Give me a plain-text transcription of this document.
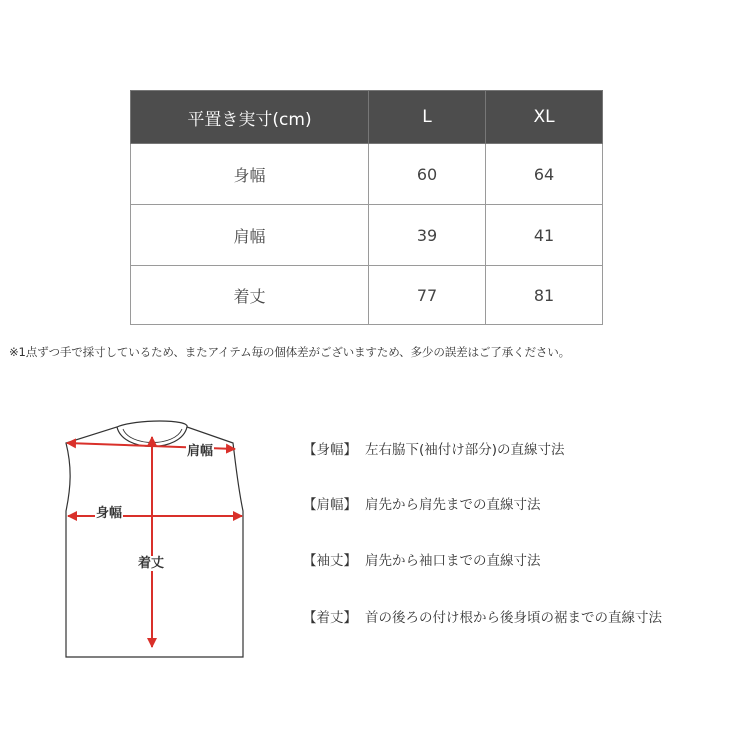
平置き実寸(cm)	L	XL
身幅	60	64
肩幅	39	41
着丈	77	81
※1点ずつ手で採寸しているため、またアイテム毎の個体差がございますため、多少の誤差はご了承ください。
肩幅
身幅
着丈
【身幅】 左右脇下(袖付け部分)の直線寸法
【肩幅】 肩先から肩先までの直線寸法
【袖丈】 肩先から袖口までの直線寸法
【着丈】 首の後ろの付け根から後身頃の裾までの直線寸法
